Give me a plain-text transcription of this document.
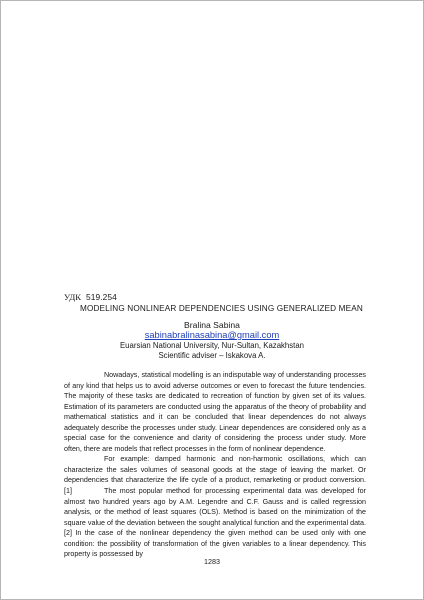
УДК 519.254
MODELING NONLINEAR DEPENDENCIES USING GENERALIZED MEAN
Bralina Sabina
sabinabralinasabina@gmail.com
Euarsian National University, Nur-Sultan, Kazakhstan
Scientific adviser – Iskakova A.

Nowadays, statistical modelling is an indisputable way of understanding processes of any kind that helps us to avoid adverse outcomes or even to forecast the future tendencies. The majority of these tasks are dedicated to recreation of function by given set of its values. Estimation of its parameters are conducted using the apparatus of the theory of probability and mathematical statistics and it can be concluded that linear dependences do not always adequately describe the processes under study. Linear dependences are considered only as a special case for the convenience and clarity of considering the process under study. More often, there are models that reflect processes in the form of nonlinear dependence.

For example: damped harmonic and non-harmonic oscillations, which can characterize the sales volumes of seasonal goods at the stage of leaving the market. Or dependencies that characterize the life cycle of a product, remarketing or product conversion.[1]	The most popular method for processing experimental data was developed for almost two hundred years ago by A.M. Legendre and C.F. Gauss and is called regression analysis, or the method of least squares (OLS). Method is based on the minimization of the square value of the deviation between the sought analytical function and the experimental data.[2] In the case of the nonlinear dependency the given method can be used only with one condition: the possibility of transformation of the given variables to a linear dependency. This property is possessed by

1283
